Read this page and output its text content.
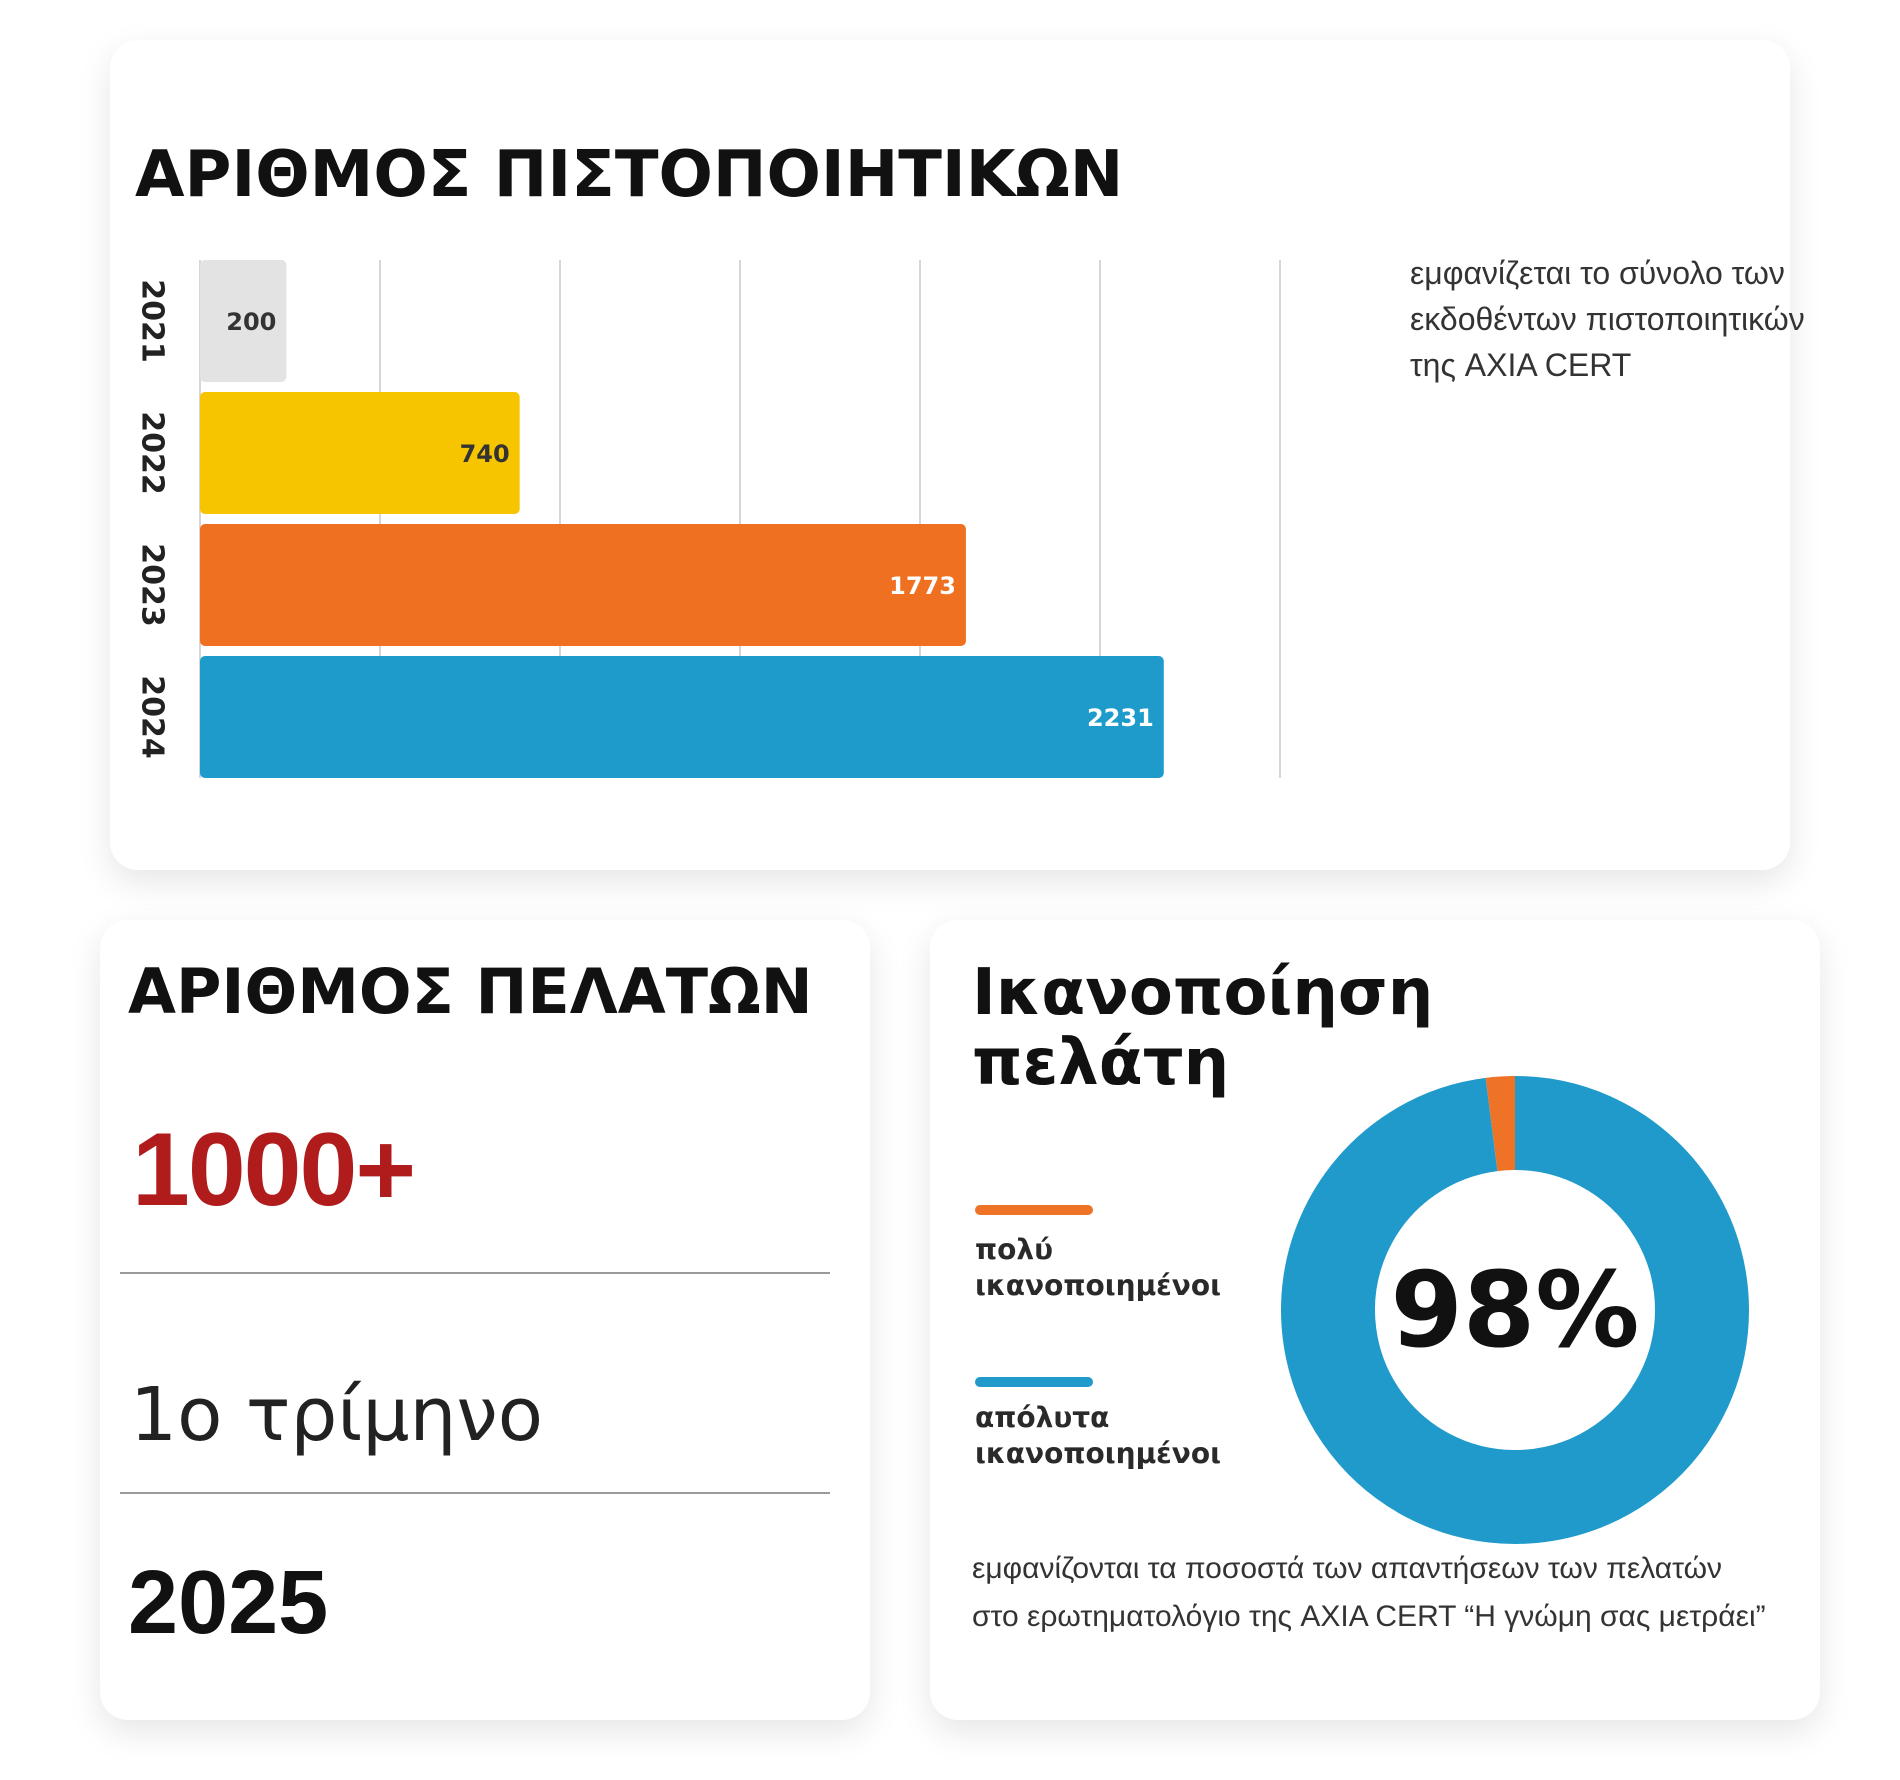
ΑΡΙΘΜΟΣ ΠΙΣΤΟΠΟΙΗΤΙΚΩΝ
200
2021
740
2022
1773
2023
2231
2024
εμφανίζεται το σύνολο των εκδοθέντων πιστοποιητικών της AXIA CERT
ΑΡΙΘΜΟΣ ΠΕΛΑΤΩΝ
1000+
1ο τρίμηνο
2025
Ικανοποίηση πελάτη
πολύ ικανοποιημένοι
απόλυτα ικανοποιημένοι
98%
εμφανίζονται τα ποσοστά των απαντήσεων των πελατών στο ερωτηματολόγιο της AXIA CERT “Η γνώμη σας μετράει”
